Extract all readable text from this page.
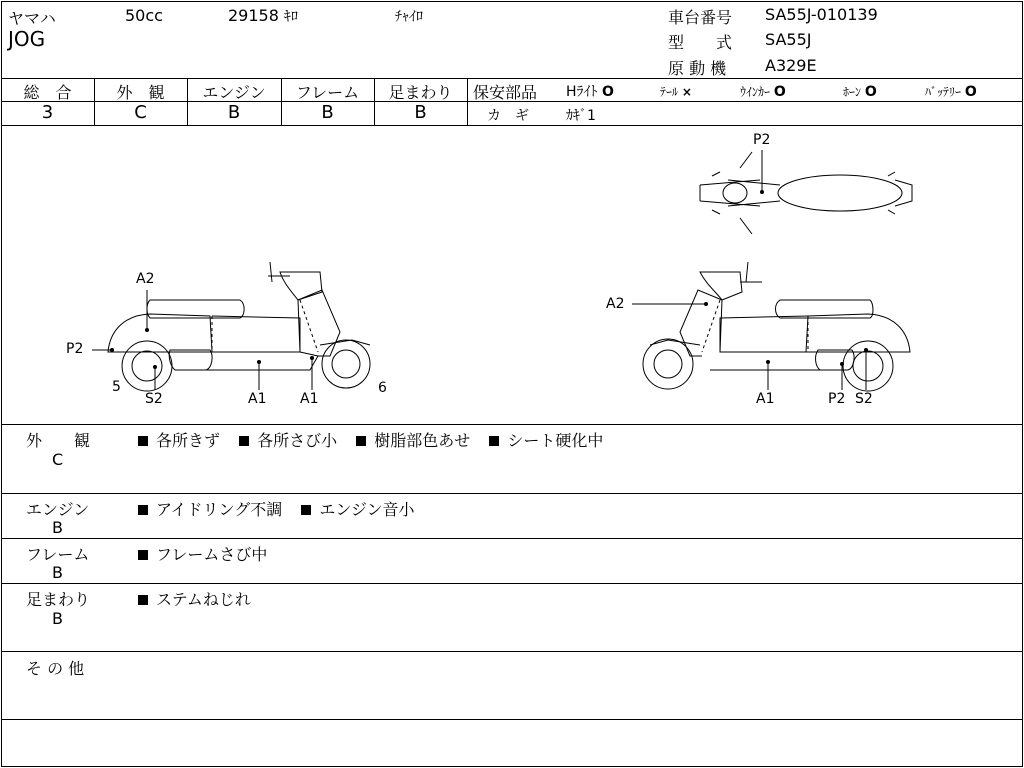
ヤマハ	50cc	29158 ｷﾛ	ﾁｬｲﾛ
JOG
車台番号 SA55J-010139
型　　式 SA55J
原 動 機 A329E
総　合	外　観	エンジン	フレーム	足まわり
3	C	B	B	B
保安部品 Hﾗｲﾄ O	ﾃｰﾙ ×	ｳｲﾝｶｰ O	ﾎｰﾝ O	ﾊﾞｯﾃﾘｰ O
カ　ギ	ｶｷﾞ1
A2
P2
5
S2	A1 A1
6
P2
A2
A1	P2 S2
外　　観
C
各所きず 各所さび小 樹脂部色あせ シート硬化中
エンジン
B
アイドリング不調 エンジン音小
フレーム
B
フレームさび中
足まわり
B
ステムねじれ
そ の 他
